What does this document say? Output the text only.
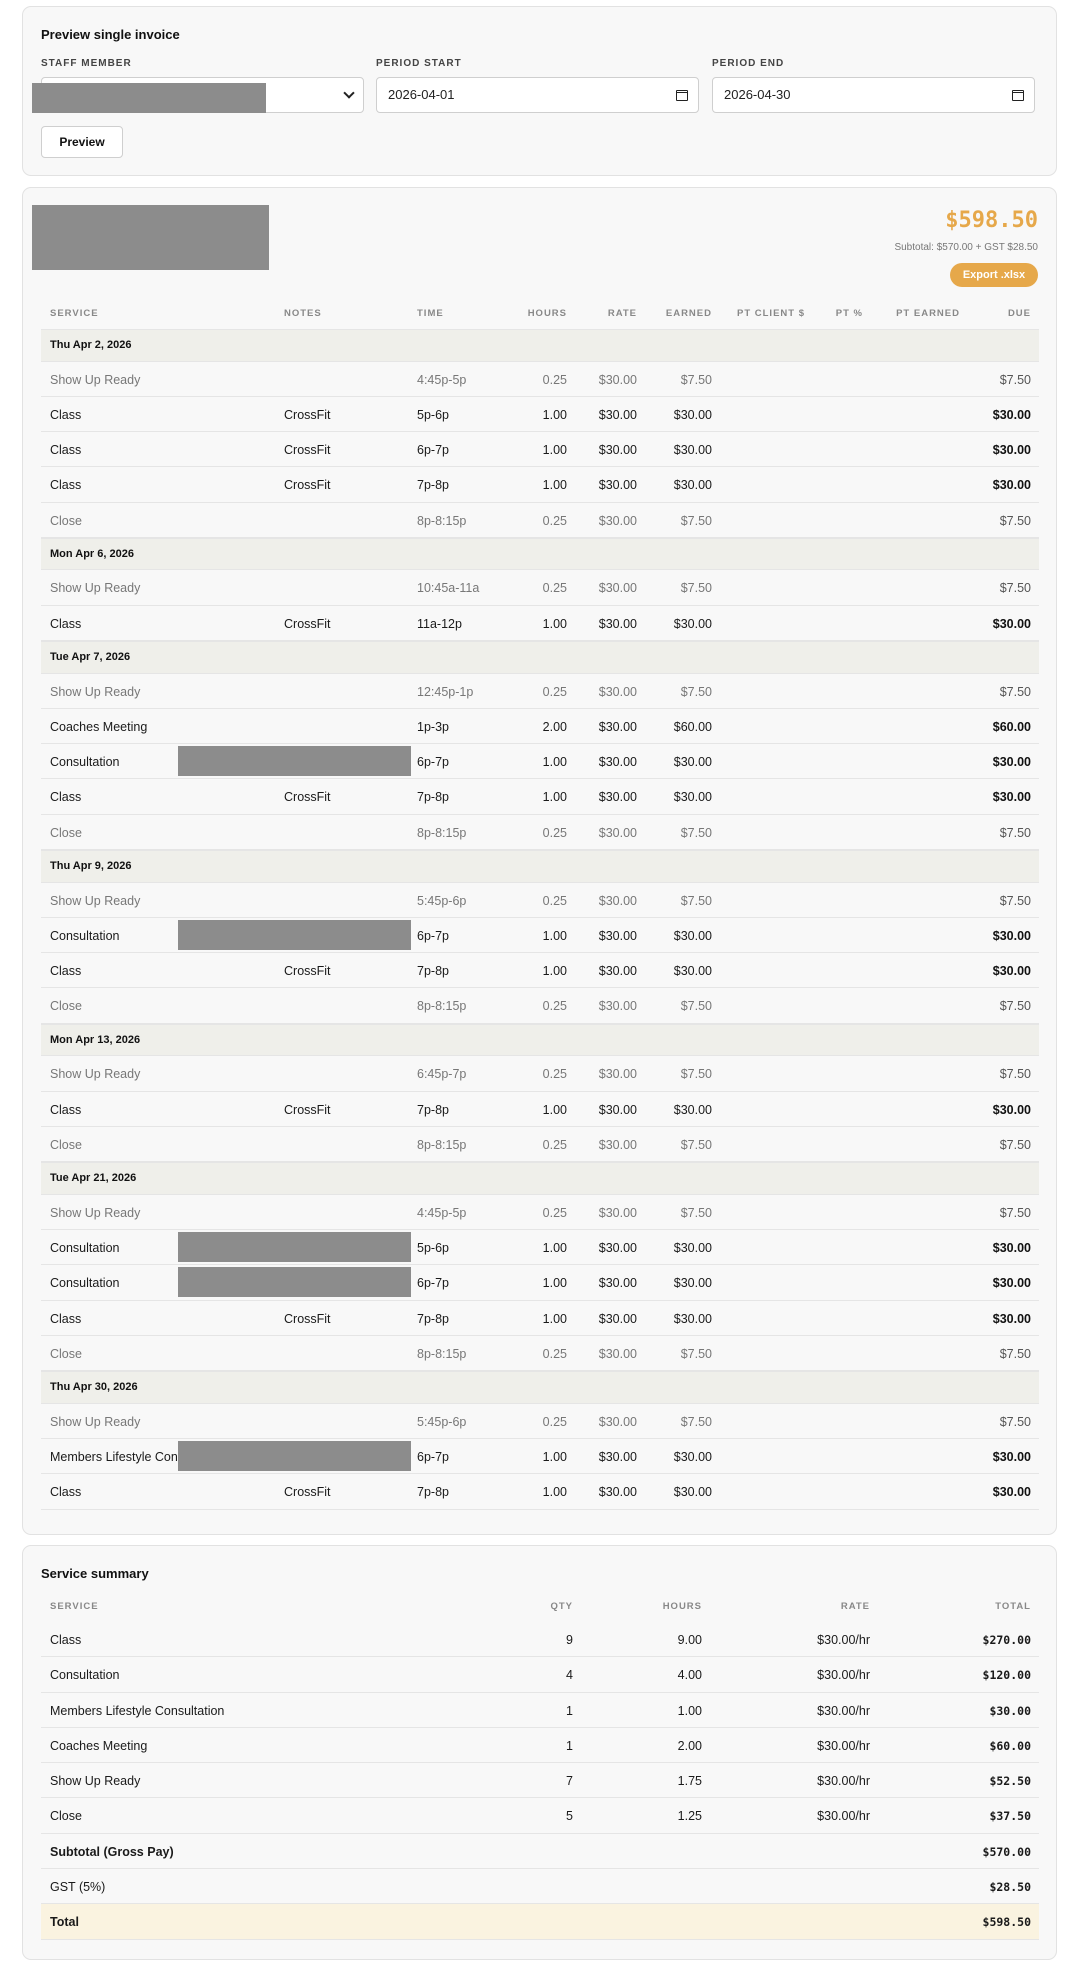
Preview single invoice
STAFF MEMBER	PERIOD START
2026-04-01
PERIOD END
2026-04-30
Preview
$598.50
Subtotal: $570.00 + GST $28.50
Export .xlsx
SERVICE	NOTES	TIME	HOURS	RATE	EARNED	PT CLIENT $	PT %	PT EARNED	DUE
Thu Apr 2, 2026
Show Up Ready	4:45p-5p	0.25	$30.00	$7.50	$7.50
Class	CrossFit	5p-6p	1.00	$30.00	$30.00	$30.00
Class	CrossFit	6p-7p	1.00	$30.00	$30.00	$30.00
Class	CrossFit	7p-8p	1.00	$30.00	$30.00	$30.00
Close	8p-8:15p	0.25	$30.00	$7.50	$7.50
Mon Apr 6, 2026
Show Up Ready	10:45a-11a	0.25	$30.00	$7.50	$7.50
Class	CrossFit	11a-12p	1.00	$30.00	$30.00	$30.00
Tue Apr 7, 2026
Show Up Ready	12:45p-1p	0.25	$30.00	$7.50	$7.50
Coaches Meeting	1p-3p	2.00	$30.00	$60.00	$60.00
Consultation	6p-7p	1.00	$30.00	$30.00	$30.00
Class	CrossFit	7p-8p	1.00	$30.00	$30.00	$30.00
Close	8p-8:15p	0.25	$30.00	$7.50	$7.50
Thu Apr 9, 2026
Show Up Ready	5:45p-6p	0.25	$30.00	$7.50	$7.50
Consultation	6p-7p	1.00	$30.00	$30.00	$30.00
Class	CrossFit	7p-8p	1.00	$30.00	$30.00	$30.00
Close	8p-8:15p	0.25	$30.00	$7.50	$7.50
Mon Apr 13, 2026
Show Up Ready	6:45p-7p	0.25	$30.00	$7.50	$7.50
Class	CrossFit	7p-8p	1.00	$30.00	$30.00	$30.00
Close	8p-8:15p	0.25	$30.00	$7.50	$7.50
Tue Apr 21, 2026
Show Up Ready	4:45p-5p	0.25	$30.00	$7.50	$7.50
Consultation	5p-6p	1.00	$30.00	$30.00	$30.00
Consultation	6p-7p	1.00	$30.00	$30.00	$30.00
Class	CrossFit	7p-8p	1.00	$30.00	$30.00	$30.00
Close	8p-8:15p	0.25	$30.00	$7.50	$7.50
Thu Apr 30, 2026
Show Up Ready	5:45p-6p	0.25	$30.00	$7.50	$7.50
Members Lifestyle Con	6p-7p	1.00	$30.00	$30.00	$30.00
Class	CrossFit	7p-8p	1.00	$30.00	$30.00	$30.00
Service summary
SERVICE	QTY	HOURS	RATE	TOTAL
Class	9	9.00	$30.00/hr	$270.00
Consultation	4	4.00	$30.00/hr	$120.00
Members Lifestyle Consultation	1	1.00	$30.00/hr	$30.00
Coaches Meeting	1	2.00	$30.00/hr	$60.00
Show Up Ready	7	1.75	$30.00/hr	$52.50
Close	5	1.25	$30.00/hr	$37.50
Subtotal (Gross Pay)	$570.00
GST (5%)	$28.50
Total	$598.50
